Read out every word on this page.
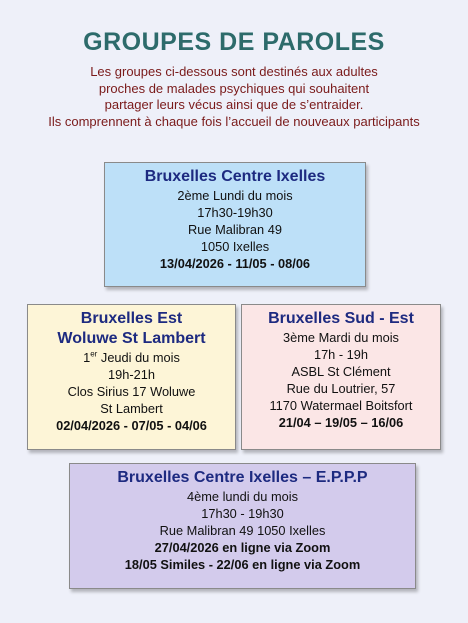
GROUPES DE PAROLES
Les groupes ci-dessous sont destinés aux adultes
proches de malades psychiques qui souhaitent
partager leurs vécus ainsi que de s’entraider.
Ils comprennent à chaque fois l’accueil de nouveaux participants
Bruxelles Centre Ixelles
2ème Lundi du mois
17h30-19h30
Rue Malibran 49
1050 Ixelles
13/04/2026 - 11/05 - 08/06
Bruxelles Est
Woluwe St Lambert
1er Jeudi du mois
19h-21h
Clos Sirius 17 Woluwe
St Lambert
02/04/2026 - 07/05 - 04/06
Bruxelles Sud - Est
3ème Mardi du mois
17h - 19h
ASBL St Clément
Rue du Loutrier, 57
1170 Watermael Boitsfort
21/04 – 19/05 – 16/06
Bruxelles Centre Ixelles – E.P.P.P
4ème lundi du mois
17h30 - 19h30
Rue Malibran 49 1050 Ixelles
27/04/2026 en ligne via Zoom
18/05 Similes - 22/06 en ligne via Zoom
